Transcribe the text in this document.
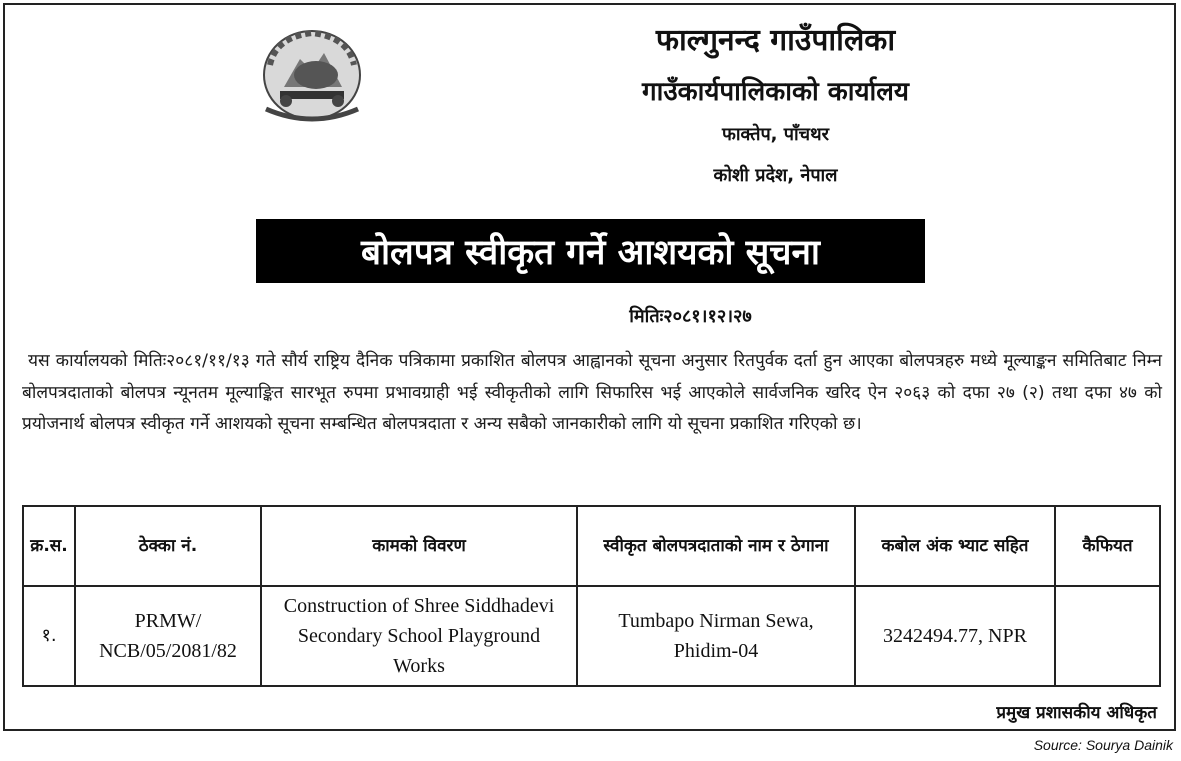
फाल्गुनन्द गाउँपालिका
गाउँकार्यपालिकाको कार्यालय
फाक्तेप, पाँचथर
कोशी प्रदेश, नेपाल
बोलपत्र स्वीकृत गर्ने आशयको सूचना
मितिः२०८१।१२।२७

यस कार्यालयको मितिः२०८१/११/१३ गते सौर्य राष्ट्रिय दैनिक पत्रिकामा प्रकाशित बोलपत्र आह्वानको सूचना अनुसार रितपुर्वक दर्ता हुन आएका बोलपत्रहरु मध्ये मूल्याङ्कन समितिबाट निम्न बोलपत्रदाताको बोलपत्र न्यूनतम मूल्याङ्कित सारभूत रुपमा प्रभावग्राही भई स्वीकृतीको लागि सिफारिस भई आएकोले सार्वजनिक खरिद ऐन २०६३ को दफा २७ (२) तथा दफा ४७ को प्रयोजनार्थ बोलपत्र स्वीकृत गर्ने आशयको सूचना सम्बन्धित बोलपत्रदाता र अन्य सबैको जानकारीको लागि यो सूचना प्रकाशित गरिएको छ।

क्र.स.	ठेक्का नं.	कामको विवरण	स्वीकृत बोलपत्रदाताको नाम र ठेगाना	कबोल अंक भ्याट सहित	कैफियत
१.	PRMW/ NCB/05/2081/82	Construction of Shree Siddhadevi Secondary School Playground Works	Tumbapo Nirman Sewa, Phidim-04	3242494.77, NPR	
प्रमुख प्रशासकीय अधिकृत
Source: Sourya Dainik
